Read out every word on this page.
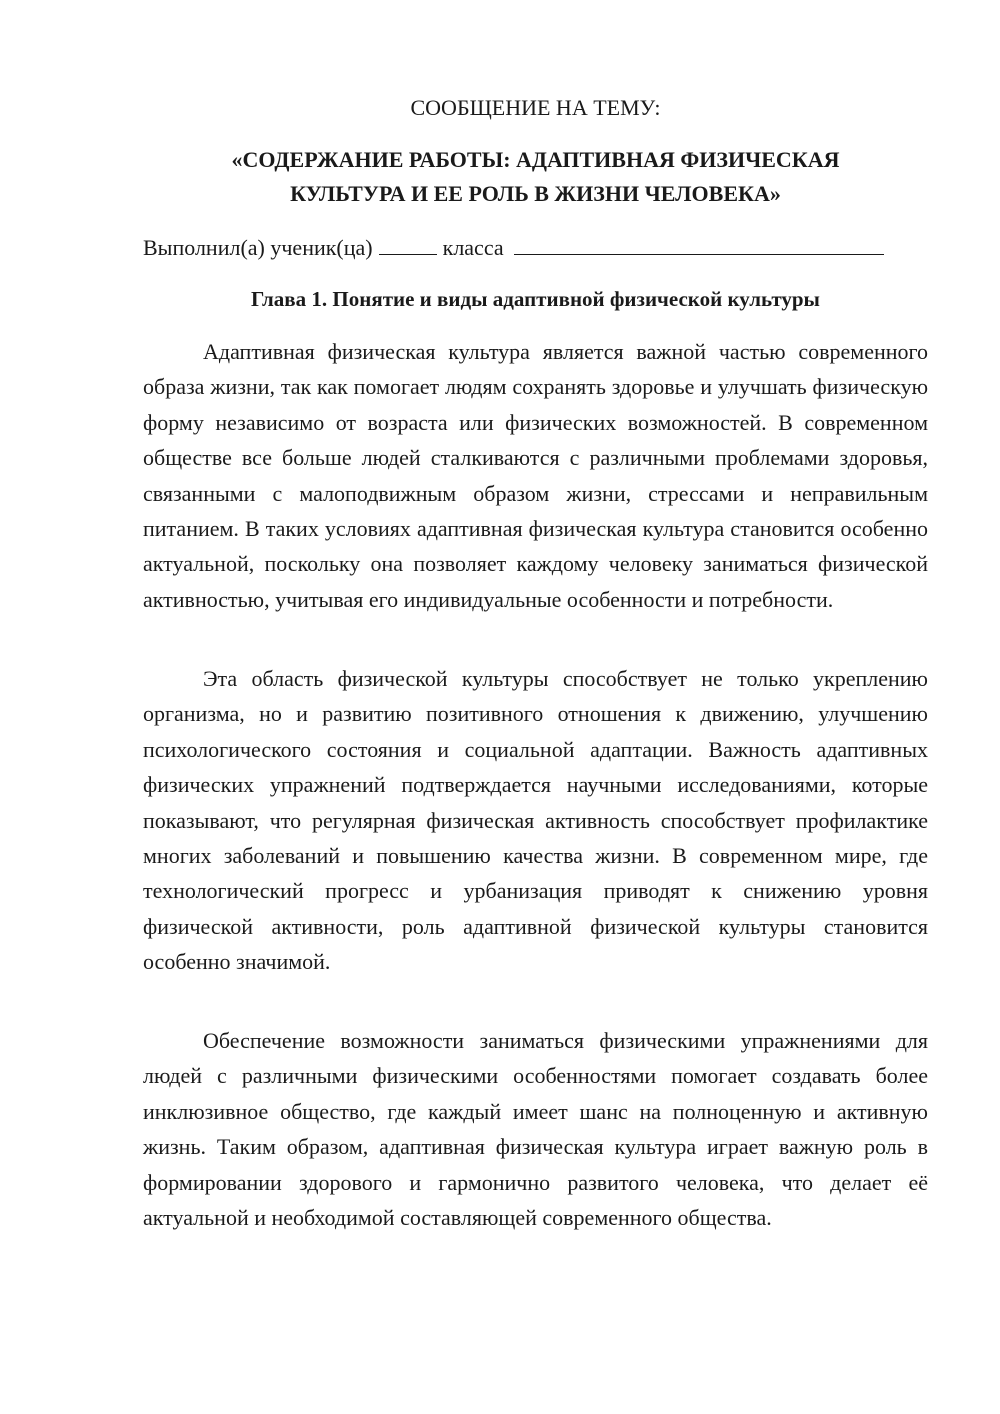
СООБЩЕНИЕ НА ТЕМУ:
«СОДЕРЖАНИЕ РАБОТЫ: АДАПТИВНАЯ ФИЗИЧЕСКАЯ
КУЛЬТУРА И ЕЕ РОЛЬ В ЖИЗНИ ЧЕЛОВЕКА»
Выполнил(а) ученик(ца)	класса
Глава 1. Понятие и виды адаптивной физической культуры

Адаптивная физическая культура является важной частью современного образа жизни, так как помогает людям сохранять здоровье и улучшать физическую форму независимо от возраста или физических возможностей. В современном обществе все больше людей сталкиваются с различными проблемами здоровья, связанными с малоподвижным образом жизни, стрессами и неправильным питанием. В таких условиях адаптивная физическая культура становится особенно актуальной, поскольку она позволяет каждому человеку заниматься физической активностью, учитывая его индивидуальные особенности и потребности.

Эта область физической культуры способствует не только укреплению организма, но и развитию позитивного отношения к движению, улучшению психологического состояния и социальной адаптации. Важность адаптивных физических упражнений подтверждается научными исследованиями, которые показывают, что регулярная физическая активность способствует профилактике многих заболеваний и повышению качества жизни. В современном мире, где технологический прогресс и урбанизация приводят к снижению уровня физической активности, роль адаптивной физической культуры становится особенно значимой.

Обеспечение возможности заниматься физическими упражнениями для людей с различными физическими особенностями помогает создавать более инклюзивное общество, где каждый имеет шанс на полноценную и активную жизнь. Таким образом, адаптивная физическая культура играет важную роль в формировании здорового и гармонично развитого человека, что делает её актуальной и необходимой составляющей современного общества.
